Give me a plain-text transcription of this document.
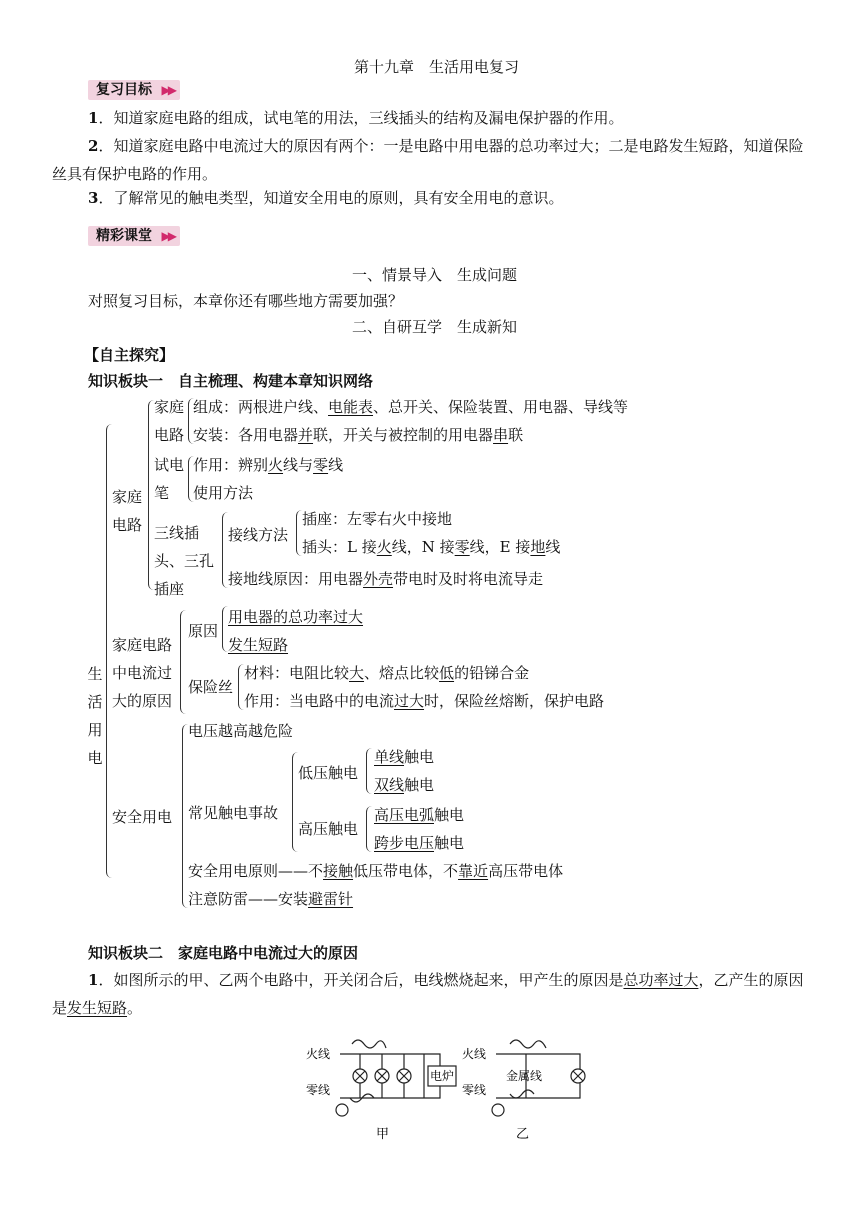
第十九章　生活用电复习
复习目标 ▶▶
1．知道家庭电路的组成，试电笔的用法，三线插头的结构及漏电保护器的作用。
2．知道家庭电路中电流过大的原因有两个：一是电路中用电器的总功率过大；二是电路发生短路，知道保险丝具有保护电路的作用。
3．了解常见的触电类型，知道安全用电的原则，具有安全用电的意识。
精彩课堂 ▶▶
一、情景导入　生成问题
对照复习目标，本章你还有哪些地方需要加强？
二、自研互学　生成新知
【自主探究】
知识板块一　自主梳理、构建本章知识网络
生活用电
家庭
电路
家庭
电路
组成：两根进户线、电能表、总开关、保险装置、用电器、导线等
安装：各用电器并联，开关与被控制的用电器串联
试电
笔
作用：辨别火线与零线
使用方法
三线插
头、三孔
插座
接线方法
插座：左零右火中接地
插头：L 接火线，N 接零线，E 接地线
接地线原因：用电器外壳带电时及时将电流导走
家庭电路
中电流过
大的原因
原因
用电器的总功率过大
发生短路
保险丝
材料：电阻比较大、熔点比较低的铅锑合金
作用：当电路中的电流过大时，保险丝熔断，保护电路
安全用电
电压越高越危险
常见触电事故
低压触电
单线触电
双线触电
高压触电
高压电弧触电
跨步电压触电
安全用电原则——不接触低压带电体，不靠近高压带电体
注意防雷——安装避雷针
知识板块二　家庭电路中电流过大的原因
1．如图所示的甲、乙两个电路中，开关闭合后，电线燃烧起来，甲产生的原因是总功率过大，乙产生的原因是发生短路。
火线
零线
电炉
火线
零线
金属线
甲	乙
